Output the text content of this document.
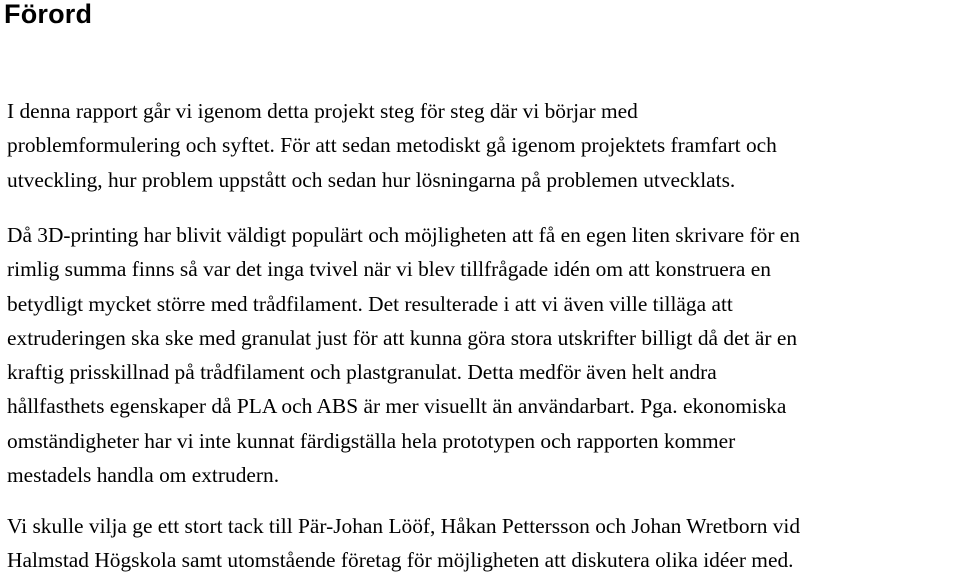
Förord

I denna rapport går vi igenom detta projekt steg för steg där vi börjar med
problemformulering och syftet. För att sedan metodiskt gå igenom projektets framfart och
utveckling, hur problem uppstått och sedan hur lösningarna på problemen utvecklats.

Då 3D-printing har blivit väldigt populärt och möjligheten att få en egen liten skrivare för en
rimlig summa finns så var det inga tvivel när vi blev tillfrågade idén om att konstruera en
betydligt mycket större med trådfilament. Det resulterade i att vi även ville tilläga att
extruderingen ska ske med granulat just för att kunna göra stora utskrifter billigt då det är en
kraftig prisskillnad på trådfilament och plastgranulat. Detta medför även helt andra
hållfasthets egenskaper då PLA och ABS är mer visuellt än användarbart. Pga. ekonomiska
omständigheter har vi inte kunnat färdigställa hela prototypen och rapporten kommer
mestadels handla om extrudern.

Vi skulle vilja ge ett stort tack till Pär-Johan Lööf, Håkan Pettersson och Johan Wretborn vid
Halmstad Högskola samt utomstående företag för möjligheten att diskutera olika idéer med.
